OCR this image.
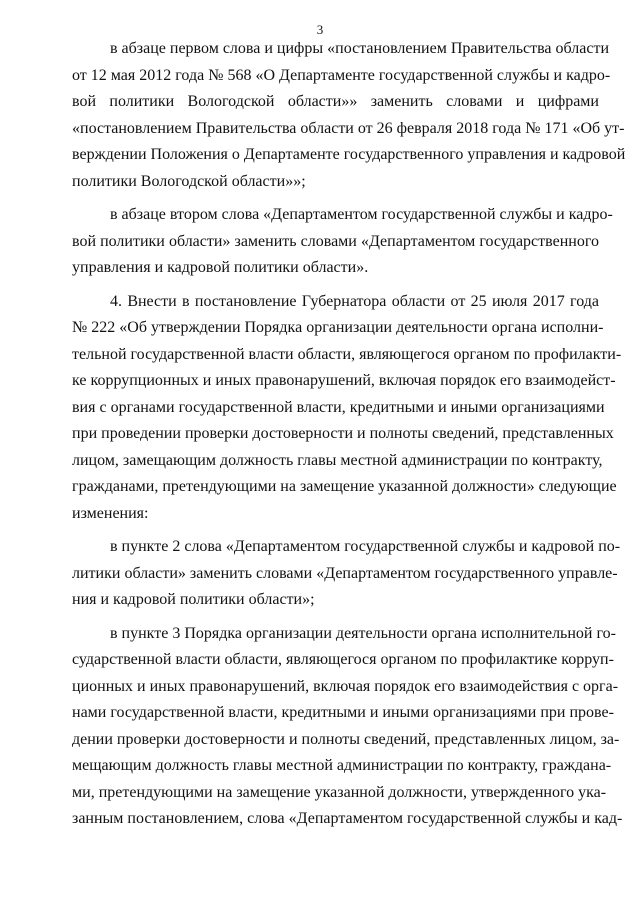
3
в абзаце первом слова и цифры «постановлением Правительства области
от 12 мая 2012 года № 568 «О Департаменте государственной службы и кадро-
вой политики Вологодской области»» заменить словами и цифрами
«постановлением Правительства области от 26 февраля 2018 года № 171 «Об ут-
верждении Положения о Департаменте государственного управления и кадровой
политики Вологодской области»»;
в абзаце втором слова «Департаментом государственной службы и кадро-
вой политики области» заменить словами «Департаментом государственного
управления и кадровой политики области».
4. Внести в постановление Губернатора области от 25 июля 2017 года
№ 222 «Об утверждении Порядка организации деятельности органа исполни-
тельной государственной власти области, являющегося органом по профилакти-
ке коррупционных и иных правонарушений, включая порядок его взаимодейст-
вия с органами государственной власти, кредитными и иными организациями
при проведении проверки достоверности и полноты сведений, представленных
лицом, замещающим должность главы местной администрации по контракту,
гражданами, претендующими на замещение указанной должности» следующие
изменения:
в пункте 2 слова «Департаментом государственной службы и кадровой по-
литики области» заменить словами «Департаментом государственного управле-
ния и кадровой политики области»;
в пункте 3 Порядка организации деятельности органа исполнительной го-
сударственной власти области, являющегося органом по профилактике корруп-
ционных и иных правонарушений, включая порядок его взаимодействия с орга-
нами государственной власти, кредитными и иными организациями при прове-
дении проверки достоверности и полноты сведений, представленных лицом, за-
мещающим должность главы местной администрации по контракту, граждана-
ми, претендующими на замещение указанной должности, утвержденного ука-
занным постановлением, слова «Департаментом государственной службы и кад-
